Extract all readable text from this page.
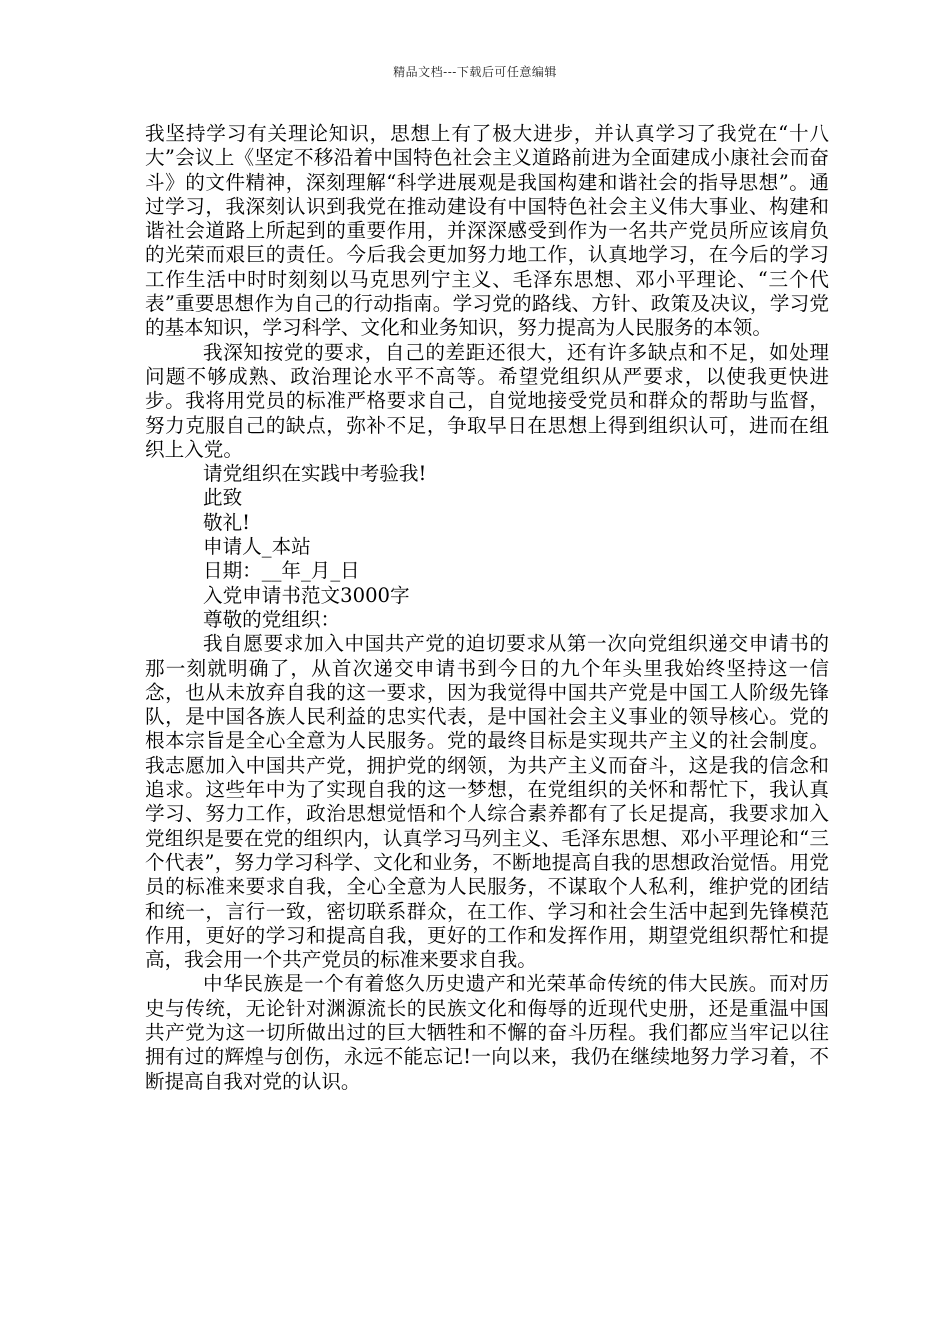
精品文档---下载后可任意编辑

我坚持学习有关理论知识，思想上有了极大进步，并认真学习了我党在“十八大”会议上《坚定不移沿着中国特色社会主义道路前进为全面建成小康社会而奋斗》的文件精神，深刻理解“科学进展观是我国构建和谐社会的指导思想”。通过学习，我深刻认识到我党在推动建设有中国特色社会主义伟大事业、构建和谐社会道路上所起到的重要作用，并深深感受到作为一名共产党员所应该肩负的光荣而艰巨的责任。今后我会更加努力地工作，认真地学习，在今后的学习工作生活中时时刻刻以马克思列宁主义、毛泽东思想、邓小平理论、“三个代表”重要思想作为自己的行动指南。学习党的路线、方针、政策及决议，学习党的基本知识，学习科学、文化和业务知识，努力提高为人民服务的本领。

我深知按党的要求，自己的差距还很大，还有许多缺点和不足，如处理问题不够成熟、政治理论水平不高等。希望党组织从严要求，以使我更快进步。我将用党员的标准严格要求自己，自觉地接受党员和群众的帮助与监督，努力克服自己的缺点，弥补不足，争取早日在思想上得到组织认可，进而在组织上入党。

请党组织在实践中考验我!

此致

敬礼!

申请人_本站

日期：__年_月_日

入党申请书范文3000字

尊敬的党组织：

我自愿要求加入中国共产党的迫切要求从第一次向党组织递交申请书的那一刻就明确了，从首次递交申请书到今日的九个年头里我始终坚持这一信念，也从未放弃自我的这一要求，因为我觉得中国共产党是中国工人阶级先锋队，是中国各族人民利益的忠实代表，是中国社会主义事业的领导核心。党的根本宗旨是全心全意为人民服务。党的最终目标是实现共产主义的社会制度。我志愿加入中国共产党，拥护党的纲领，为共产主义而奋斗，这是我的信念和追求。这些年中为了实现自我的这一梦想，在党组织的关怀和帮忙下，我认真学习、努力工作，政治思想觉悟和个人综合素养都有了长足提高，我要求加入党组织是要在党的组织内，认真学习马列主义、毛泽东思想、邓小平理论和“三个代表”，努力学习科学、文化和业务，不断地提高自我的思想政治觉悟。用党员的标准来要求自我，全心全意为人民服务，不谋取个人私利，维护党的团结和统一，言行一致，密切联系群众，在工作、学习和社会生活中起到先锋模范作用，更好的学习和提高自我，更好的工作和发挥作用，期望党组织帮忙和提高，我会用一个共产党员的标准来要求自我。

中华民族是一个有着悠久历史遗产和光荣革命传统的伟大民族。而对历史与传统，无论针对渊源流长的民族文化和侮辱的近现代史册，还是重温中国共产党为这一切所做出过的巨大牺牲和不懈的奋斗历程。我们都应当牢记以往拥有过的辉煌与创伤，永远不能忘记!一向以来，我仍在继续地努力学习着，不断提高自我对党的认识。
